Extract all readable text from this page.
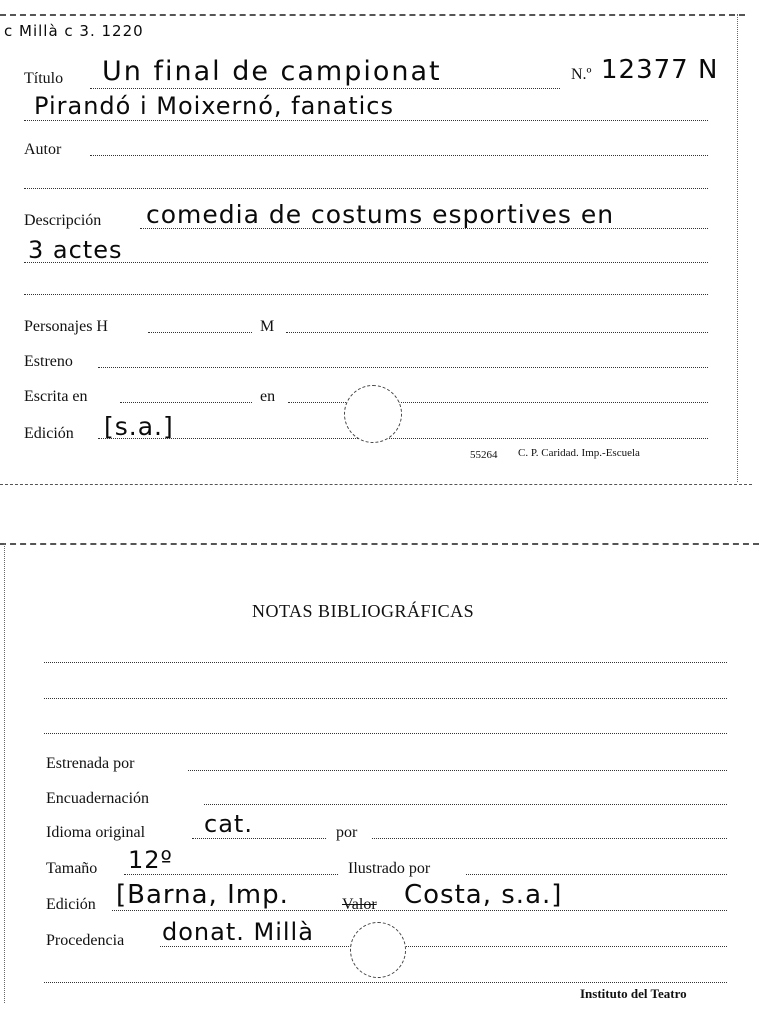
c Millà c 3. 1220
Título Un final de campionat	N.º 12377 N
Pirandó i Moixernó, fanatics
Autor
Descripción comedia de costums esportives en
3 actes
Personajes H	M
Estreno
Escrita en	en
Edición [s.a.]
55264 C. P. Caridad. Imp.-Escuela
NOTAS BIBLIOGRÁFICAS
Estrenada por
Encuadernación
Idioma original cat.	por
Tamaño 12º	Ilustrado por
Edición [Barna, Imp.	Valor Costa, s.a.]
Procedencia donat. Millà
Instituto del Teatro
